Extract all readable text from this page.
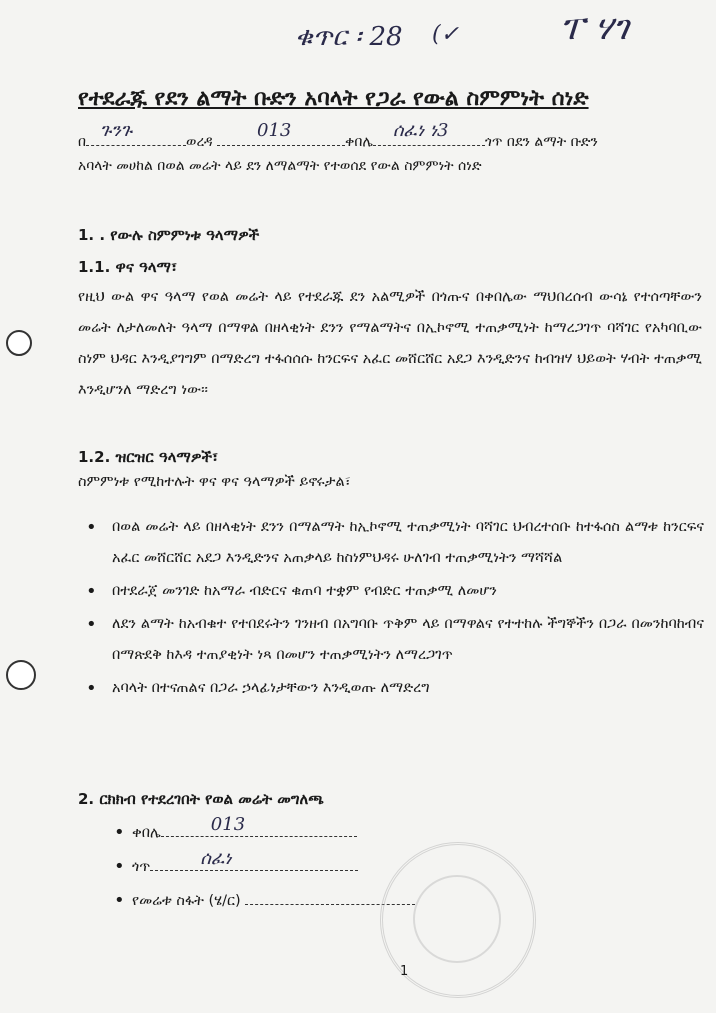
ቁጥር ፡ 28 (✓	ፐ ሃገ
የተደራጁ የደን ልማት ቡድን አባላት የጋራ የውል ስምምነት ሰነድ
በ
ጉንጉ
ወረዳ
013
ቀበሌ
ሰፈነ ነ3
ጎጥ በደን ልማት ቡድን
አባላት መሀከል በወል መሬት ላይ ደን ለማልማት የተወሰደ የውል ስምምነት ሰነድ
1. . የውሉ ስምምነቱ ዓላማዎች
1.1. ዋና ዓላማ፣
የዚህ ውል ዋና ዓላማ የወል መሬት ላይ የተደራጁ ደን አልሚዎች በጎጡና በቀበሌው ማህበረሰብ ውሳኔ የተሰጣቸውን መሬት ለታለመለት ዓላማ በማዋል በዘላቂነት ደንን የማልማትና በኢኮኖሚ ተጠቃሚነት ከማረጋገጥ ባሻገር የአካባቢው ስነም ህዳር እንዲያገግም በማድረግ ተፋሰሰሱ ከንርፍና አፈር መሸርሸር አደጋ እንዲድንና ከብዝሃ ህይወት ሃብት ተጠቃሚ እንዲሆንለ ማድረግ ነው፡፡
1.2. ዝርዝር ዓላማዎች፣
ስምምነቱ የሚከተሉት ዋና ዋና ዓላማዎች ይኖሩታል፣
• በወል መሬት ላይ በዘላቂነት ደንን በማልማት ከኢኮኖሚ ተጠቃሚነት ባሻገር ህብረተሰቡ ከተፋሰስ ልማቱ ከንርፍና አፈር መሸርሸር አደጋ እንዲድንና አጠቃላይ ከስነምህዳሩ ሁለገብ ተጠቃሚነትን ማሻሻል
• በተደራጀ መንገድ ከአማራ ብድርና ቁጠባ ተቋም የብድር ተጠቃሚ ለመሆን
• ለደን ልማት ከአብቁተ የተበደሩትን ገንዘብ በአግባቡ ጥቅም ላይ በማዋልና የተተከሉ ችግኞችን በጋራ በመንከባከብና በማጽደቅ ከእዳ ተጠያቂነት ነጻ በመሆን ተጠቃሚነትን ለማረጋገጥ
• አባላት በተናጠልና በጋራ ኃላፊነታቸውን እንዲወጡ ለማድረግ
2. ርክክብ የተደረገበት የወል መሬት መግለጫ
• ቀበሌ	013
• ጎጥ	ሰፈነ
• የመሬቱ ስፋት (ሄ/ር)
1
